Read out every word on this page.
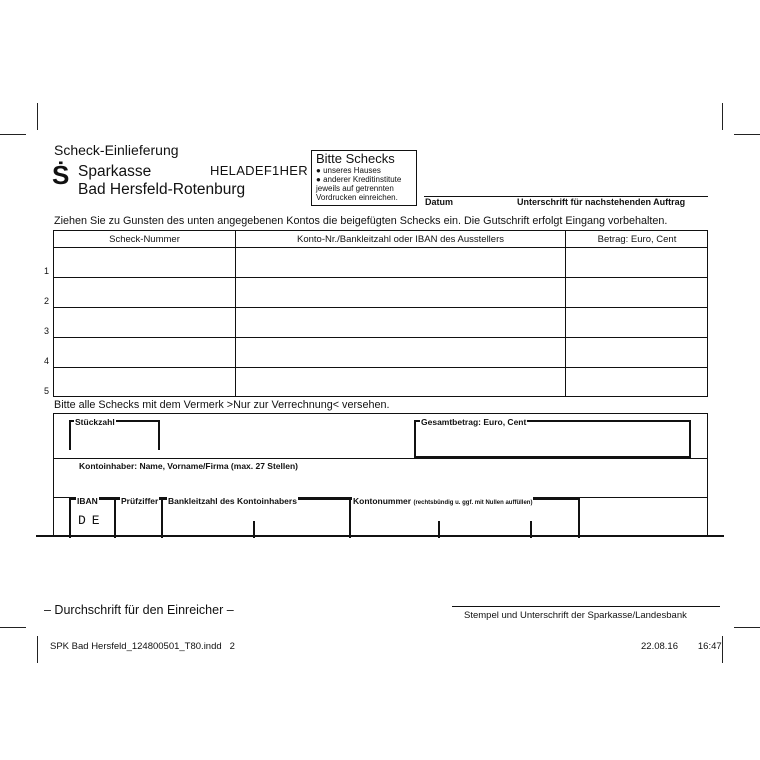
Scheck-Einlieferung
Ṡ Sparkasse
Bad Hersfeld-Rotenburg
HELADEF1HER
Bitte Schecks
● unseres Hauses
● anderer Kreditinstitute
jeweils auf getrennten
Vordrucken einreichen.	Datum	Unterschrift für nachstehenden Auftrag
Ziehen Sie zu Gunsten des unten angegebenen Kontos die beigefügten Schecks ein. Die Gutschrift erfolgt Eingang vorbehalten.
Scheck-Nummer	Konto-Nr./Bankleitzahl oder IBAN des Ausstellers	Betrag: Euro, Cent
1
2
3
4
5
Bitte alle Schecks mit dem Vermerk >Nur zur Verrechnung< versehen.
Stückzahl	Gesamtbetrag: Euro, Cent
Kontoinhaber: Name, Vorname/Firma (max. 27 Stellen)
IBAN	Prüfziffer Bankleitzahl des Kontoinhabers	Kontonummer (rechtsbündig u. ggf. mit Nullen auffüllen)
DE
– Durchschrift für den Einreicher –	Stempel und Unterschrift der Sparkasse/Landesbank
SPK Bad Hersfeld_124800501_T80.indd   2	22.08.16   16:47
